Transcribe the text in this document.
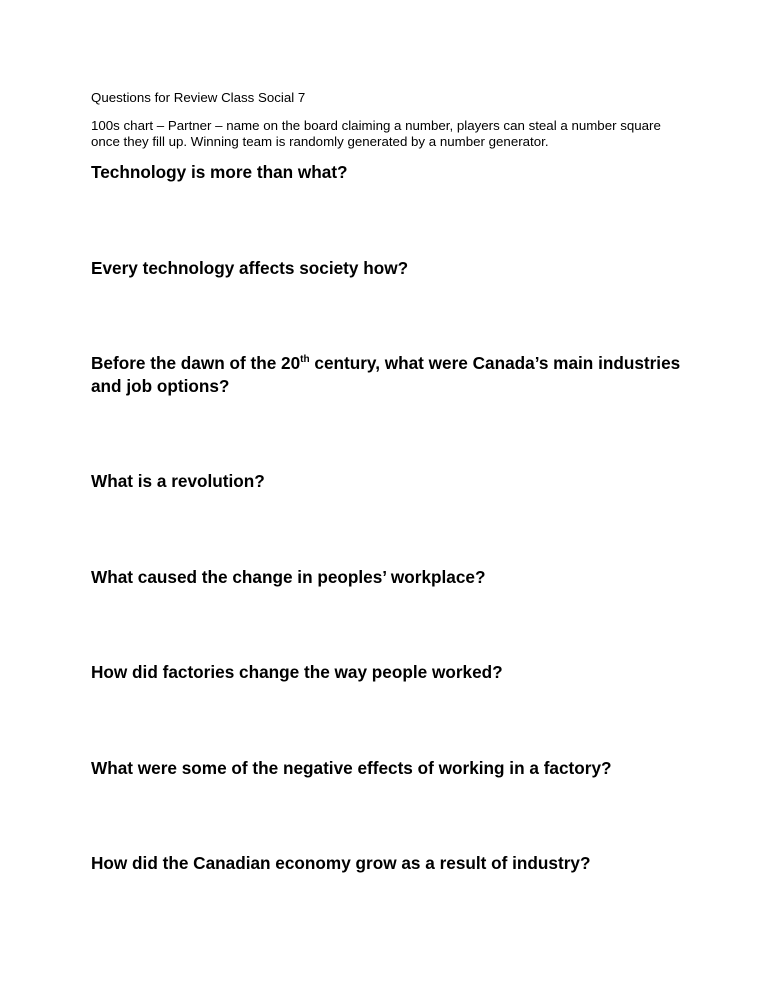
Questions for Review Class Social 7
100s chart – Partner – name on the board claiming a number, players can steal a number square once they fill up. Winning team is randomly generated by a number generator.
Technology is more than what?
Every technology affects society how?
Before the dawn of the 20th century, what were Canada’s main industries and job options?
What is a revolution?
What caused the change in peoples’ workplace?
How did factories change the way people worked?
What were some of the negative effects of working in a factory?
How did the Canadian economy grow as a result of industry?
